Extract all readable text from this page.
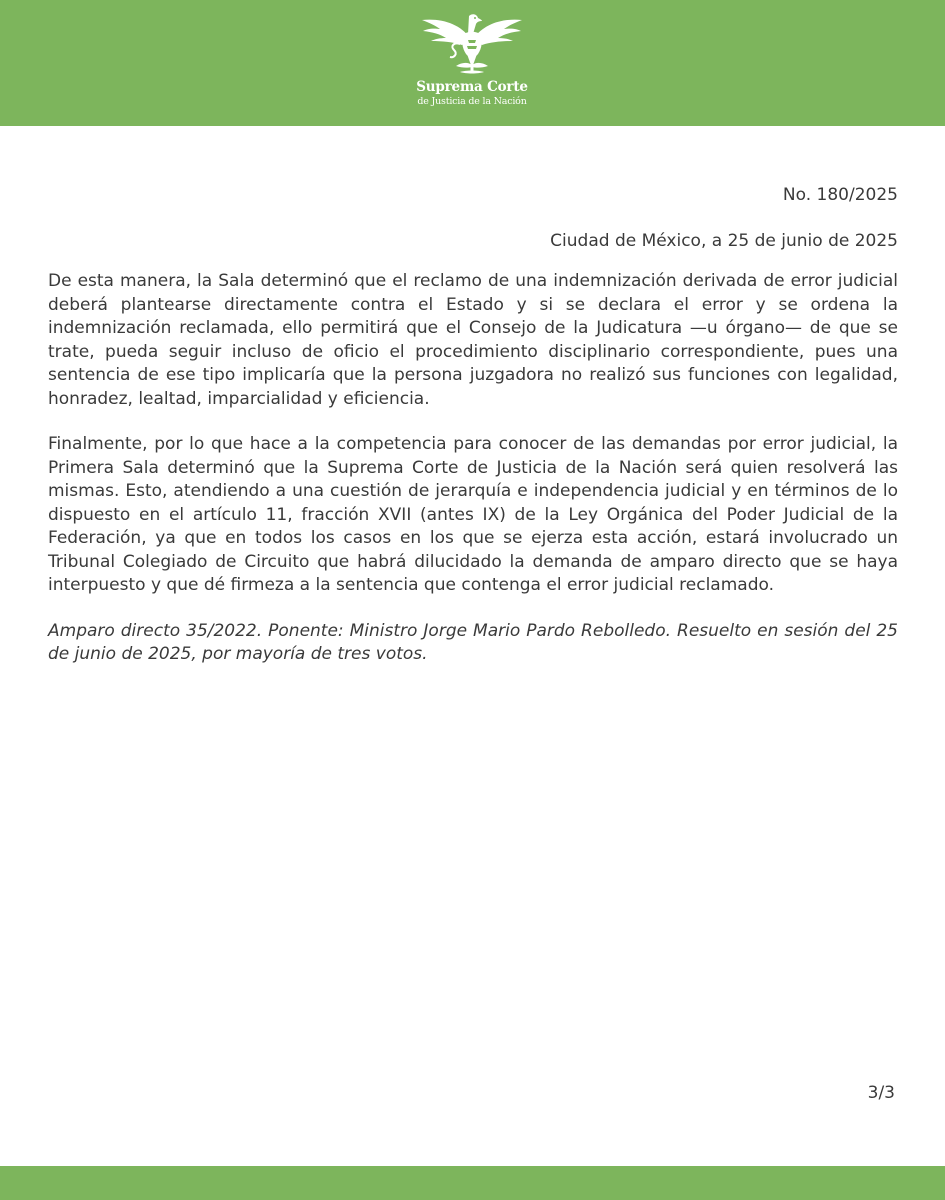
Suprema Corte
de Justicia de la Nación
No. 180/2025
Ciudad de México, a 25 de junio de 2025

De esta manera, la Sala determinó que el reclamo de una indemnización derivada de error judicial deberá plantearse directamente contra el Estado y si se declara el error y se ordena la indemnización reclamada, ello permitirá que el Consejo de la Judicatura —u órgano— de que se trate, pueda seguir incluso de oficio el procedimiento disciplinario correspondiente, pues una sentencia de ese tipo implicaría que la persona juzgadora no realizó sus funciones con legalidad, honradez, lealtad, imparcialidad y eficiencia.

Finalmente, por lo que hace a la competencia para conocer de las demandas por error judicial, la Primera Sala determinó que la Suprema Corte de Justicia de la Nación será quien resolverá las mismas. Esto, atendiendo a una cuestión de jerarquía e independencia judicial y en términos de lo dispuesto en el artículo 11, fracción XVII (antes IX) de la Ley Orgánica del Poder Judicial de la Federación, ya que en todos los casos en los que se ejerza esta acción, estará involucrado un Tribunal Colegiado de Circuito que habrá dilucidado la demanda de amparo directo que se haya interpuesto y que dé firmeza a la sentencia que contenga el error judicial reclamado.

Amparo directo 35/2022. Ponente: Ministro Jorge Mario Pardo Rebolledo. Resuelto en sesión del 25 de junio de 2025, por mayoría de tres votos.

3/3
